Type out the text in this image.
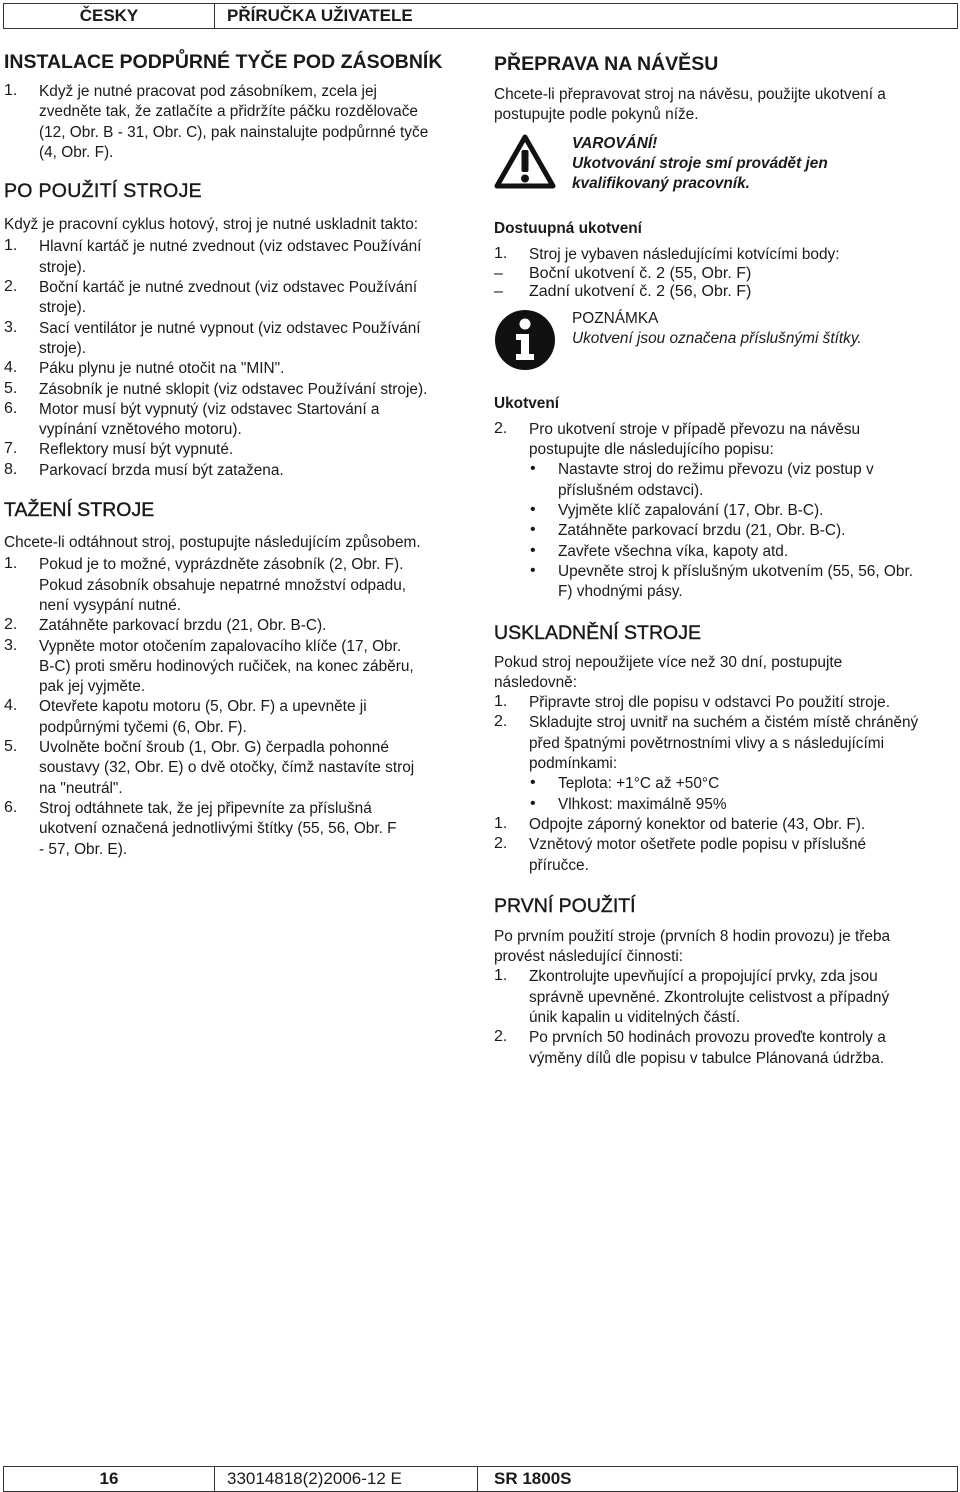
ČESKY	PŘÍRUČKA UŽIVATELE
INSTALACE PODPŮRNÉ TYČE POD ZÁSOBNÍK
1.	Když je nutné pracovat pod zásobníkem, zcela jej
zvedněte tak, že zatlačíte a přidržíte páčku rozdělovače
(12, Obr. B - 31, Obr. C), pak nainstalujte podpůrnné tyče
(4, Obr. F).
PO POUŽITÍ STROJE

Když je pracovní cyklus hotový, stroj je nutné uskladnit takto:

1.	Hlavní kartáč je nutné zvednout (viz odstavec Používání
stroje).
2.	Boční kartáč je nutné zvednout (viz odstavec Používání
stroje).
3.	Sací ventilátor je nutné vypnout (viz odstavec Používání
stroje).
4.	Páku plynu je nutné otočit na "MIN".
5.	Zásobník je nutné sklopit (viz odstavec Používání stroje).
6.	Motor musí být vypnutý (viz odstavec Startování a
vypínání vznětového motoru).
7.	Reflektory musí být vypnuté.
8.	Parkovací brzda musí být zatažena.
TAŽENÍ STROJE

Chcete-li odtáhnout stroj, postupujte následujícím způsobem.

1.	Pokud je to možné, vyprázdněte zásobník (2, Obr. F).
Pokud zásobník obsahuje nepatrné množství odpadu,
není vysypání nutné.
2.	Zatáhněte parkovací brzdu (21, Obr. B-C).
3.	Vypněte motor otočením zapalovacího klíče (17, Obr.
B-C) proti směru hodinových ručiček, na konec záběru,
pak jej vyjměte.
4.	Otevřete kapotu motoru (5, Obr. F) a upevněte ji
podpůrnými tyčemi (6, Obr. F).
5.	Uvolněte boční šroub (1, Obr. G) čerpadla pohonné
soustavy (32, Obr. E) o dvě otočky, čímž nastavíte stroj
na "neutrál".
6.	Stroj odtáhnete tak, že jej připevníte za příslušná
ukotvení označená jednotlivými štítky (55, 56, Obr. F
- 57, Obr. E).
PŘEPRAVA NA NÁVĚSU
Chcete-li přepravovat stroj na návěsu, použijte ukotvení a
postupujte podle pokynů níže.
VAROVÁNÍ!
Ukotvování stroje smí provádět jen
kvalifikovaný pracovník.
Dostuupná ukotvení
1.	Stroj je vybaven následujícími kotvícími body:
–	Boční ukotvení č. 2 (55, Obr. F)
–	Zadní ukotvení č. 2 (56, Obr. F)
POZNÁMKA
Ukotvení jsou označena příslušnými štítky.
Ukotvení
2.	Pro ukotvení stroje v případě převozu na návěsu
postupujte dle následujícího popisu:
•	Nastavte stroj do režimu převozu (viz postup v
příslušném odstavci).
•	Vyjměte klíč zapalování (17, Obr. B-C).
•	Zatáhněte parkovací brzdu (21, Obr. B-C).
•	Zavřete všechna víka, kapoty atd.
•	Upevněte stroj k příslušným ukotvením (55, 56, Obr.
F) vhodnými pásy.
USKLADNĚNÍ STROJE
Pokud stroj nepoužijete více než 30 dní, postupujte
následovně:
1.	Připravte stroj dle popisu v odstavci Po použití stroje.
2.	Skladujte stroj uvnitř na suchém a čistém místě chráněný
před špatnými povětrnostními vlivy a s následujícími
podmínkami:
•	Teplota: +1°C až +50°C
•	Vlhkost: maximálně 95%
1.	Odpojte záporný konektor od baterie (43, Obr. F).
2.	Vznětový motor ošetřete podle popisu v příslušné
příručce.
PRVNÍ POUŽITÍ
Po prvním použití stroje (prvních 8 hodin provozu) je třeba
provést následující činnosti:
1.	Zkontrolujte upevňující a propojující prvky, zda jsou
správně upevněné. Zkontrolujte celistvost a případný
únik kapalin u viditelných částí.
2.	Po prvních 50 hodinách provozu proveďte kontroly a
výměny dílů dle popisu v tabulce Plánovaná údržba.
16	33014818(2)2006-12 E	SR 1800S
